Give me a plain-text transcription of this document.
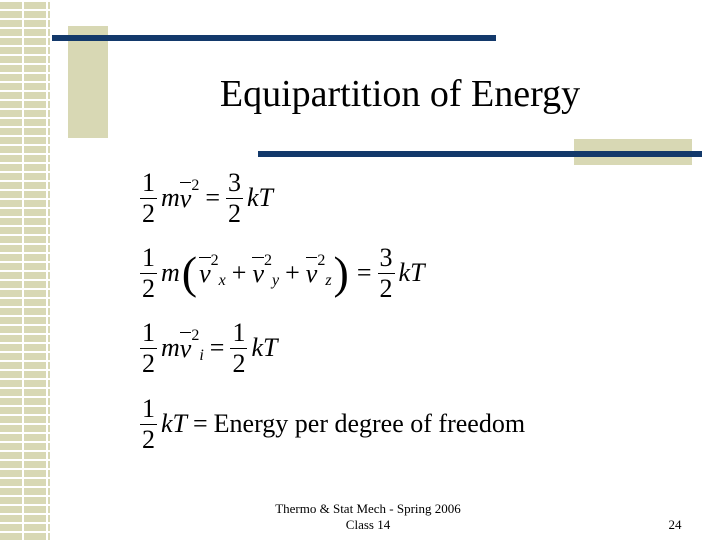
Equipartition of Energy
$\frac{1}{2}$ m v $2 = \frac{3}{2}$ kT
$\frac{1}{2}$ m ( v 2
x + v 2
y + v 2
z ) = $\frac{3}{2}$ kT
$\frac{1}{2}$ m v 2
$i = \frac{1}{2}$ kT
$\frac{1}{2}$ kT = Energy per degree of freedom
Thermo & Stat Mech - Spring 2006
Class 14	24
